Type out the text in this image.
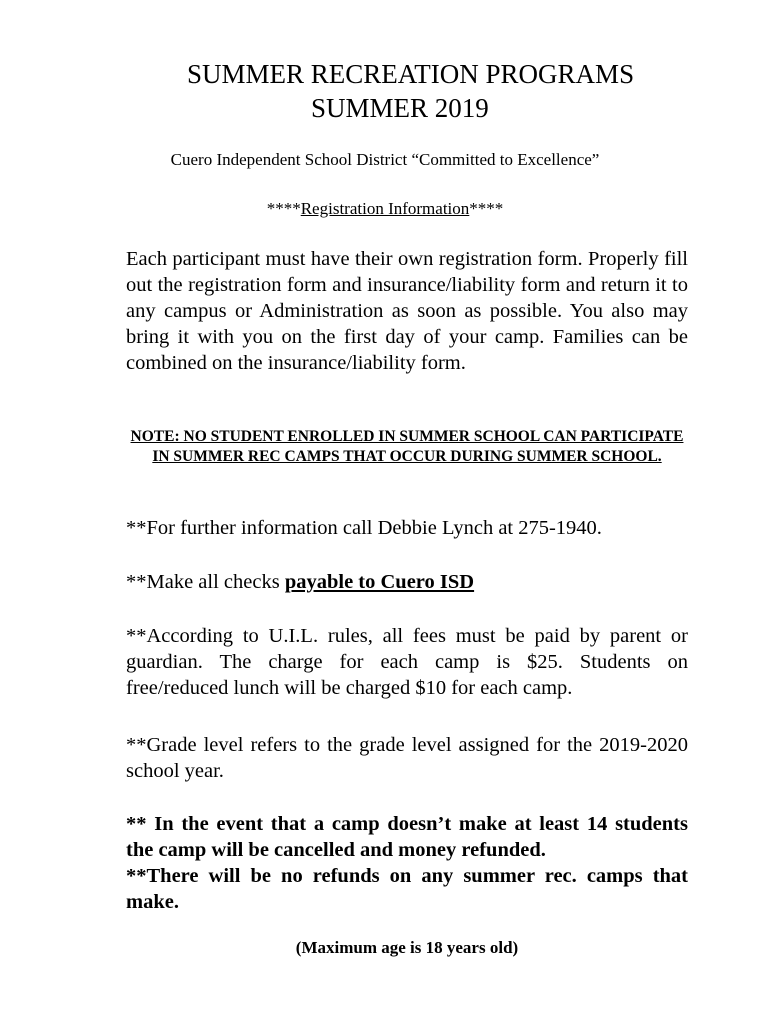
SUMMER RECREATION PROGRAMS
SUMMER 2019
Cuero Independent School District “Committed to Excellence”
****Registration Information****
Each participant must have their own registration form. Properly fill out the registration form and insurance/liability form and return it to any campus or Administration as soon as possible. You also may bring it with you on the first day of your camp. Families can be combined on the insurance/liability form.
NOTE: NO STUDENT ENROLLED IN SUMMER SCHOOL CAN PARTICIPATE IN SUMMER REC CAMPS THAT OCCUR DURING SUMMER SCHOOL.
**For further information call Debbie Lynch at 275-1940.
**Make all checks payable to Cuero ISD
**According to U.I.L. rules, all fees must be paid by parent or guardian. The charge for each camp is $25. Students on free/reduced lunch will be charged $10 for each camp.
**Grade level refers to the grade level assigned for the 2019-2020 school year.
** In the event that a camp doesn’t make at least 14 students the camp will be cancelled and money refunded.
**There will be no refunds on any summer rec. camps that make.
(Maximum age is 18 years old)
